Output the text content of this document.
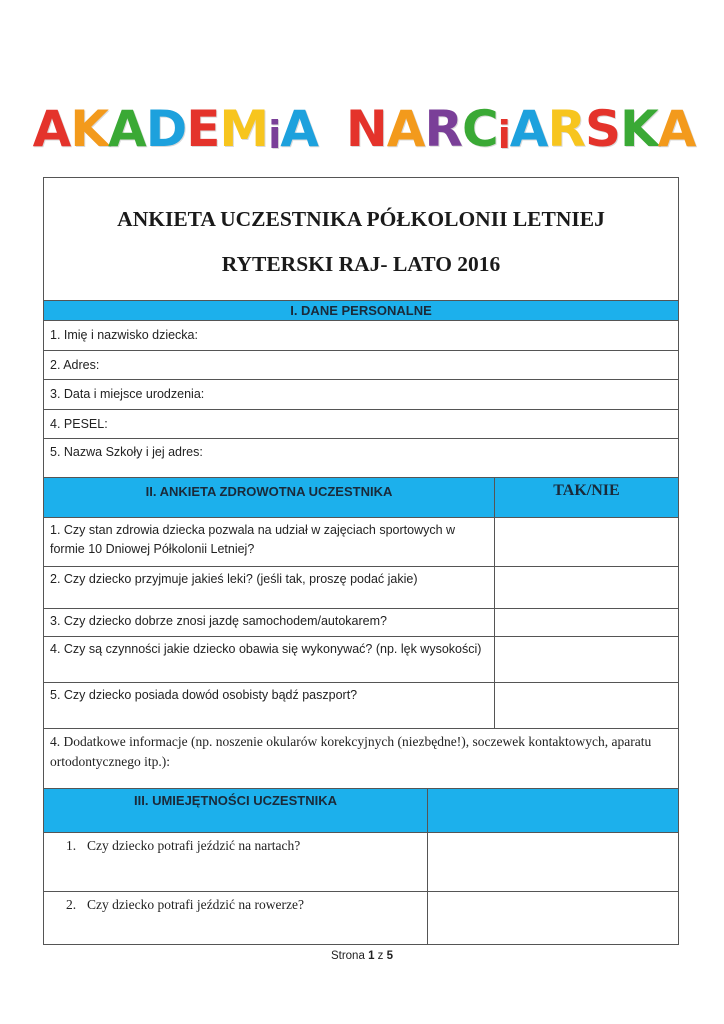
A K A D E M i A N A R C i A R S K A
ANKIETA UCZESTNIKA PÓŁKOLONII LETNIEJ
RYTERSKI RAJ- LATO 2016
I. DANE PERSONALNE
1. Imię i nazwisko dziecka:
2. Adres:
3. Data i miejsce urodzenia:
4. PESEL:
5. Nazwa Szkoły i jej adres:
II. ANKIETA ZDROWOTNA UCZESTNIKA	TAK/NIE
1. Czy stan zdrowia dziecka pozwala na udział w zajęciach sportowych w formie 10 Dniowej Półkolonii Letniej?
2. Czy dziecko przyjmuje jakieś leki? (jeśli tak, proszę podać jakie)
3. Czy dziecko dobrze znosi jazdę samochodem/autokarem?
4. Czy są czynności jakie dziecko obawia się wykonywać? (np. lęk wysokości)
5. Czy dziecko posiada dowód osobisty bądź paszport?
4. Dodatkowe informacje (np. noszenie okularów korekcyjnych (niezbędne!), soczewek kontaktowych, aparatu ortodontycznego itp.):
III. UMIEJĘTNOŚCI UCZESTNIKA
1. Czy dziecko potrafi jeździć na nartach?
2. Czy dziecko potrafi jeździć na rowerze?
Strona 1 z 5
